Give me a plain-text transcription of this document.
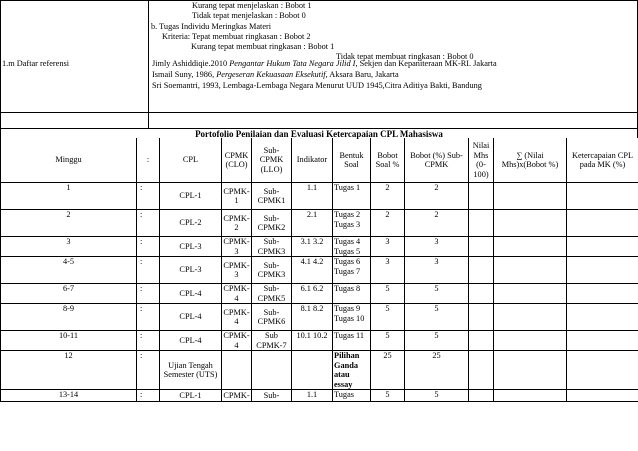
Kurang tepat menjelaskan : Bobot 1
Tidak tepat menjelaskan : Bobot 0
b. Tugas Individu Meringkas Materi
Kriteria: Tepat membuat ringkasan : Bobot 2
Kurang tepat membuat ringkasan : Bobot 1
Tidak tepat membuat ringkasan : Bobot 0
1.m Daftar referensi	Jimly Ashiddiqie.2010 Pengantar Hukum Tata Negara Jilid I, Sekjen dan Kepaniteraan MK-RI. Jakarta
Ismail Suny, 1986, Pergeseran Kekuasaan Eksekutif, Aksara Baru, Jakarta
Sri Soemantri, 1993, Lembaga-Lembaga Negara Menurut UUD 1945,Citra Aditiya Bakti, Bandung
Portofolio Penilaian dan Evaluasi Ketercapaian CPL Mahasiswa
Minggu	:	CPL	CPMK (CLO)	Sub-CPMK (LLO)	Indikator	Bentuk Soal	Bobot Soal %	Bobot (%) Sub-CPMK	Nilai Mhs (0-100)	∑ (Nilai Mhs)x(Bobot %)	Ketercapaian CPL pada MK (%)
1	:	CPL-1	CPMK-1	Sub-CPMK1	1.1	Tugas 1	2	2			
2	:	CPL-2	CPMK-2	Sub-CPMK2	2.1	Tugas 2 Tugas 3	2	2			
3	:	CPL-3	CPMK-3	Sub-CPMK3	3.1 3.2	Tugas 4 Tugas 5	3	3			
4-5	:	CPL-3	CPMK-3	Sub-CPMK3	4.1 4.2	Tugas 6 Tugas 7	3	3			
6-7	:	CPL-4	CPMK-4	Sub-CPMK5	6.1 6.2	Tugas 8	5	5			
8-9	:	CPL-4	CPMK-4	Sub-CPMK6	8.1 8.2	Tugas 9 Tugas 10	5	5			
10-11	:	CPL-4	CPMK-4	Sub CPMK-7	10.1 10.2	Tugas 11	5	5			
12	:	Ujian Tengah Semester (UTS)				Pilihan Ganda atau essay	25	25			
13-14	:	CPL-1	CPMK-	Sub-	1.1	Tugas	5	5			
